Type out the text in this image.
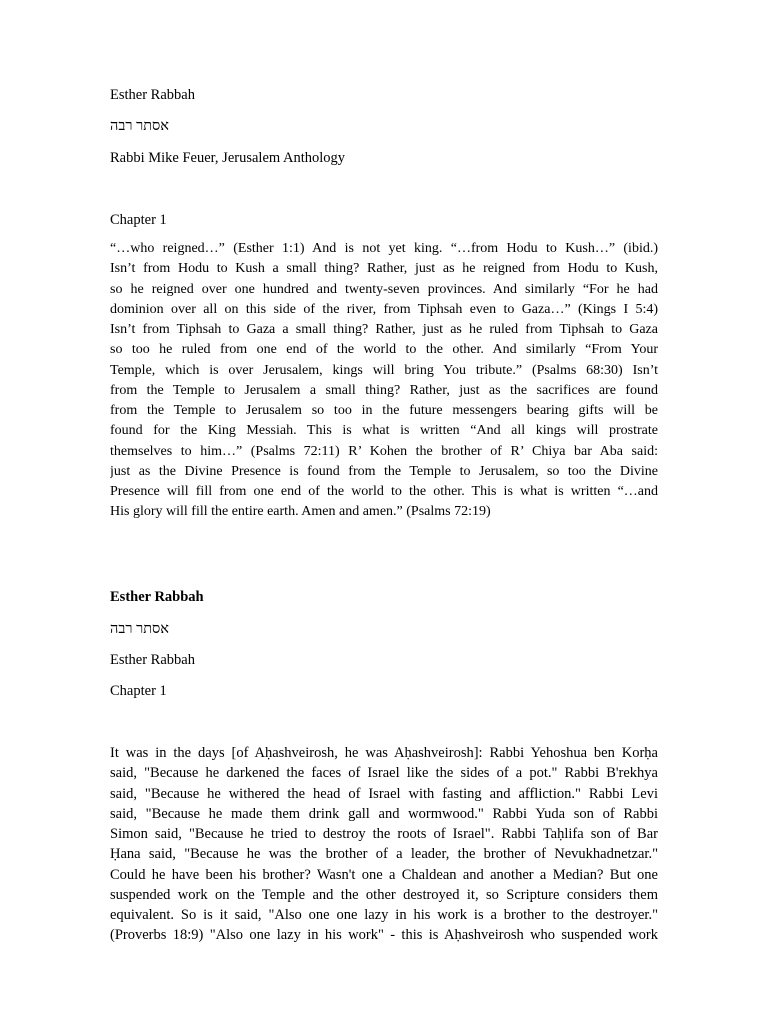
Esther Rabbah

אסתר רבה

Rabbi Mike Feuer, Jerusalem Anthology

Chapter 1

“…who reigned…” (Esther 1:1) And is not yet king. “…from Hodu to Kush…” (ibid.)
Isn’t from Hodu to Kush a small thing? Rather, just as he reigned from Hodu to Kush,
so he reigned over one hundred and twenty-seven provinces. And similarly “For he had
dominion over all on this side of the river, from Tiphsah even to Gaza…” (Kings I 5:4)
Isn’t from Tiphsah to Gaza a small thing? Rather, just as he ruled from Tiphsah to Gaza
so too he ruled from one end of the world to the other. And similarly “From Your
Temple, which is over Jerusalem, kings will bring You tribute.” (Psalms 68:30) Isn’t
from the Temple to Jerusalem a small thing? Rather, just as the sacrifices are found
from the Temple to Jerusalem so too in the future messengers bearing gifts will be
found for the King Messiah. This is what is written “And all kings will prostrate
themselves to him…” (Psalms 72:11) R’ Kohen the brother of R’ Chiya bar Aba said:
just as the Divine Presence is found from the Temple to Jerusalem, so too the Divine
Presence will fill from one end of the world to the other. This is what is written “…and
His glory will fill the entire earth. Amen and amen.” (Psalms 72:19)

Esther Rabbah

אסתר רבה

Esther Rabbah

Chapter 1

It was in the days [of Aḥashveirosh, he was Aḥashveirosh]: Rabbi Yehoshua ben Korḥa
said, "Because he darkened the faces of Israel like the sides of a pot." Rabbi B'rekhya
said, "Because he withered the head of Israel with fasting and affliction." Rabbi Levi
said, "Because he made them drink gall and wormwood." Rabbi Yuda son of Rabbi
Simon said, "Because he tried to destroy the roots of Israel". Rabbi Taḥlifa son of Bar
Ḥana said, "Because he was the brother of a leader, the brother of Nevukhadnetzar."
Could he have been his brother? Wasn't one a Chaldean and another a Median? But one
suspended work on the Temple and the other destroyed it, so Scripture considers them
equivalent. So is it said, "Also one one lazy in his work is a brother to the destroyer."
(Proverbs 18:9) "Also one lazy in his work" - this is Aḥashveirosh who suspended work
